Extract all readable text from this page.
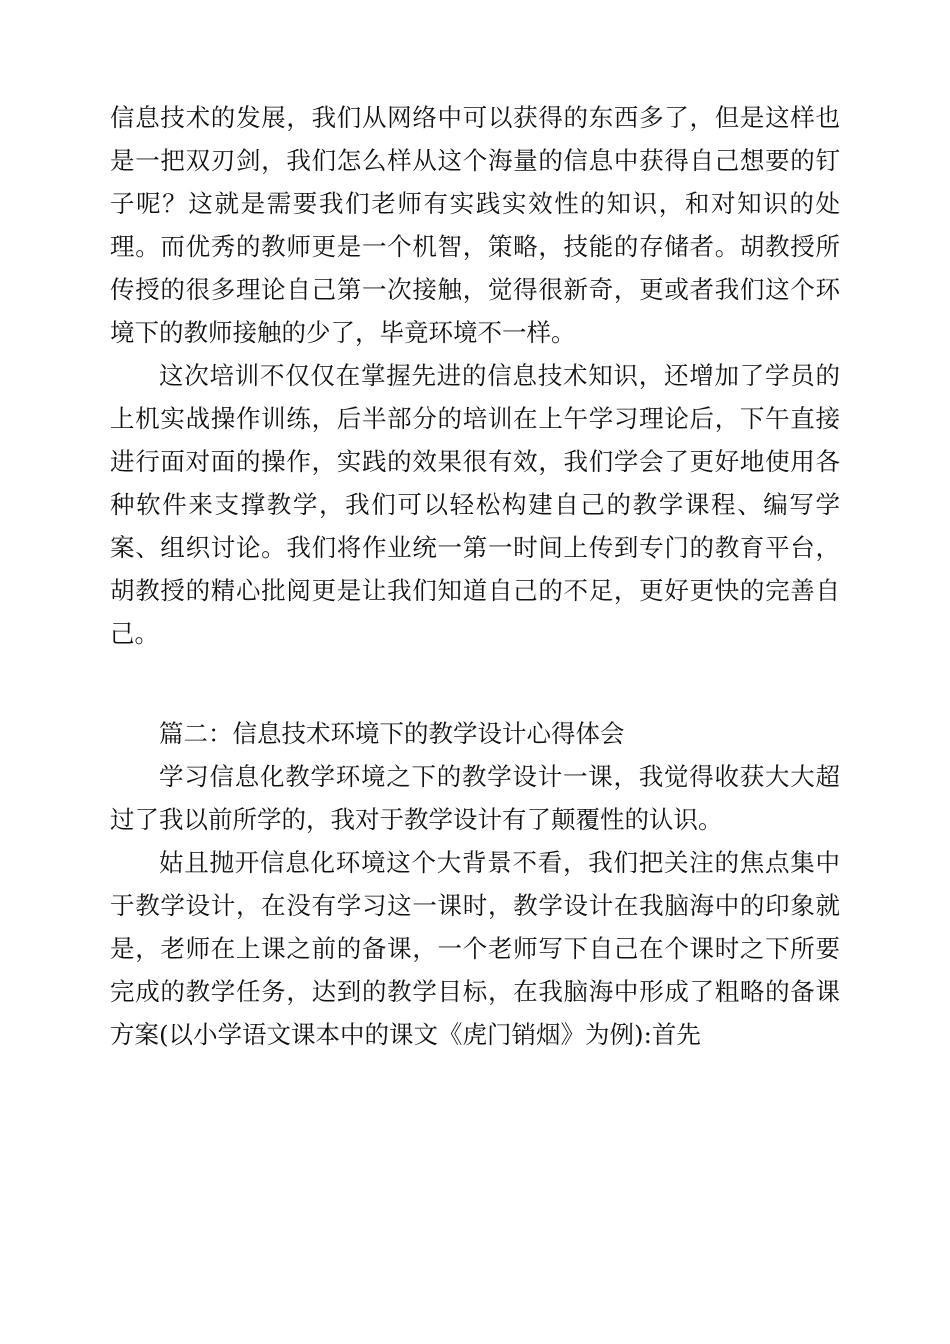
信息技术的发展，我们从网络中可以获得的东西多了，但是这样也是一把双刃剑，我们怎么样从这个海量的信息中获得自己想要的钉子呢？这就是需要我们老师有实践实效性的知识，和对知识的处理。而优秀的教师更是一个机智，策略，技能的存储者。胡教授所传授的很多理论自己第一次接触，觉得很新奇，更或者我们这个环境下的教师接触的少了，毕竟环境不一样。

这次培训不仅仅在掌握先进的信息技术知识，还增加了学员的上机实战操作训练，后半部分的培训在上午学习理论后，下午直接进行面对面的操作，实践的效果很有效，我们学会了更好地使用各种软件来支撑教学，我们可以轻松构建自己的教学课程、编写学案、组织讨论。我们将作业统一第一时间上传到专门的教育平台，胡教授的精心批阅更是让我们知道自己的不足，更好更快的完善自己。

篇二：信息技术环境下的教学设计心得体会

学习信息化教学环境之下的教学设计一课，我觉得收获大大超过了我以前所学的，我对于教学设计有了颠覆性的认识。

姑且抛开信息化环境这个大背景不看，我们把关注的焦点集中于教学设计，在没有学习这一课时，教学设计在我脑海中的印象就是，老师在上课之前的备课，一个老师写下自己在个课时之下所要完成的教学任务，达到的教学目标，在我脑海中形成了粗略的备课方案(以小学语文课本中的课文《虎门销烟》为例):首先
